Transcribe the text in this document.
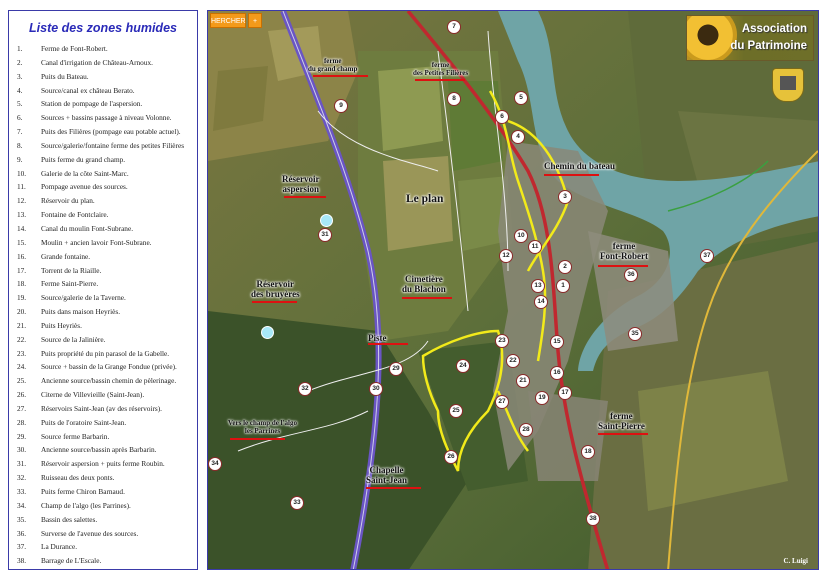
Liste des zones humides
1.	Ferme de Font-Robert.
2.	Canal d'irrigation de Château-Arnoux.
3.	Puits du Bateau.
4.	Source/canal ex château Berato.
5.	Station de pompage de l'aspersion.
6.	Sources + bassins passage à niveau Volonne.
7.	Puits des Filières (pompage eau potable actuel).
8.	Source/galerie/fontaine ferme des petites Filières
9.	Puits ferme du grand champ.
10. Galerie de la côte Saint-Marc.
11. Pompage avenue des sources.
12. Réservoir du plan.
13. Fontaine de Fontclaire.
14. Canal du moulin Font-Subrane.
15. Moulin + ancien lavoir Font-Subrane.
16. Grande fontaine.
17. Torrent de la Riaille.
18. Ferme Saint-Pierre.
19. Source/galerie de la Taverne.
20. Puits dans maison Heyriès.
21. Puits Heyriès.
22. Source de la Jalinière.
23. Puits propriété du pin parasol de la Gabelle.
24. Source + bassin de la Grange Fondue (privée).
25. Ancienne source/bassin chemin de pèlerinage.
26. Citerne de Villevieille (Saint-Jean).
27. Réservoirs Saint-Jean (av des réservoirs).
28. Puits de l'oratoire Saint-Jean.
29. Source ferme Barbarin.
30. Ancienne source/bassin après Barbarin.
31. Réservoir aspersion + puits ferme Roubin.
32. Ruisseau des deux ponts.
33. Puits ferme Chiron Barnaud.
34. Champ de l'algo (les Parrines).
35. Bassin des salettes.
36. Surverse de l'avenue des sources.
37. La Durance.
38. Barrage de L'Escale.
HERCHER	+
Association
du Patrimoine
ferme
du grand champ	ferme
des Petites Filières
Chemin du bateau
Réservoir
aspersion
Le plan
ferme
Font-Robert
Cimetière
du Blachon
Réservoir
des bruyères
Piste
ferme
Saint-Pierre
Chapelle
Saint-Jean
Vers le champ de l'algo
les Parrines
1
2
3
4
5
6
7
8
9
10
11
12
13
14
15
16
17
18
19
21
22
23
24
25
26
27
28
29
30
31
32
33
34
35
36
37
38
C. Luigi
